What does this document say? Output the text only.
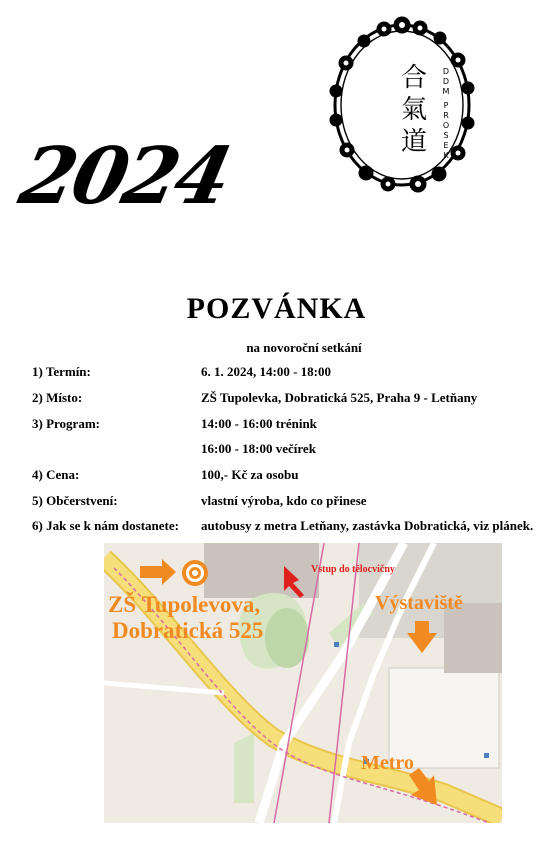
2024
合
氣
道
D
D
M
P
R
O
S
E
K
POZVÁNKA
na novoroční setkání
1) Termín:	6. 1. 2024, 14:00 - 18:00
2) Místo:	ZŠ Tupolevka, Dobratická 525, Praha 9 - Letňany
3) Program:	14:00 - 16:00 trénink
16:00 - 18:00 večírek
4) Cena:	100,- Kč za osobu
5) Občerstvení:	vlastní výroba, kdo co přinese
6) Jak se k nám dostanete: autobusy z metra Letňany, zastávka Dobratická, viz plánek.
ZŠ Tupolevova,
Dobratická 525
Vstup do tělocvičny
Výstaviště
Metro
